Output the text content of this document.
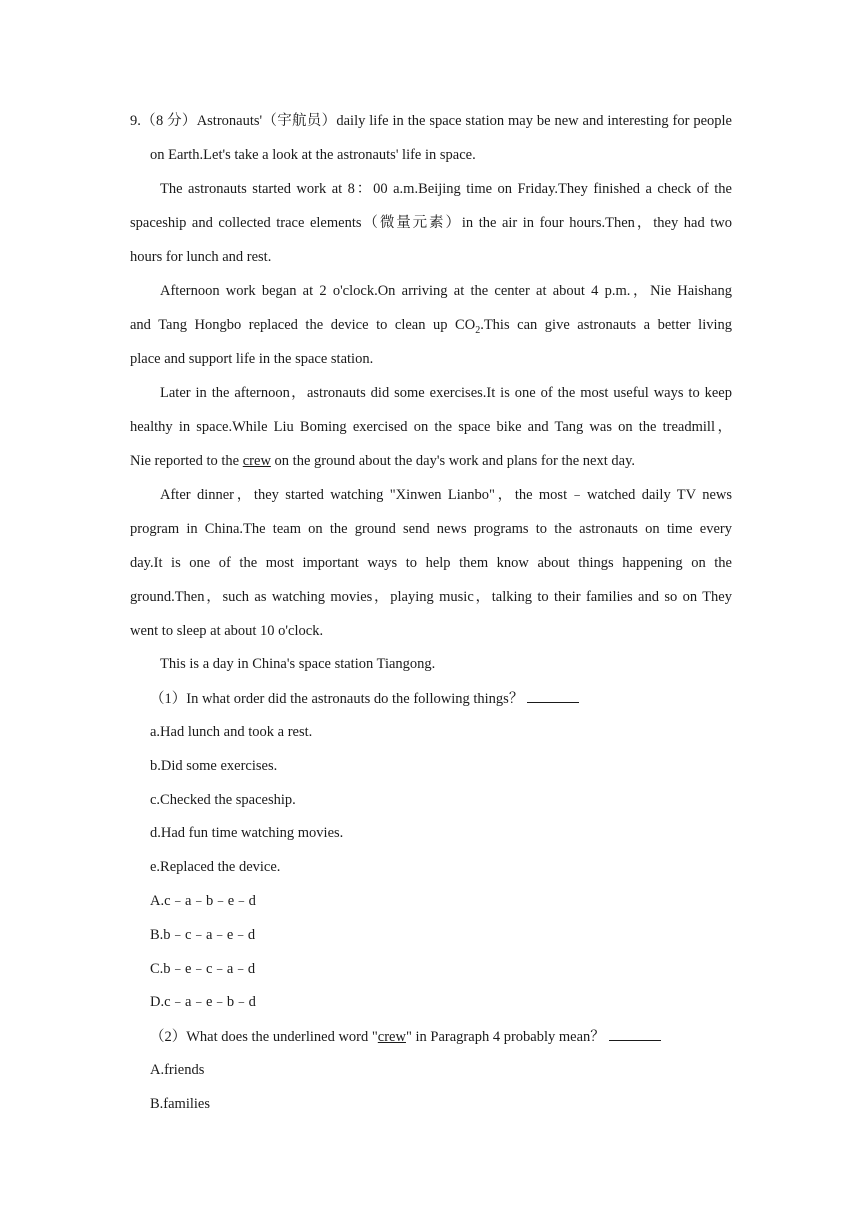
9.（8 分）Astronauts'（宇航员）daily life in the space station may be new and interesting for people
on Earth.Let's take a look at the astronauts' life in space.
The astronauts started work at 8：00 a.m.Beijing time on Friday.They finished a check of the
spaceship and collected trace elements（微量元素）in the air in four hours.Then，they had two
hours for lunch and rest.
Afternoon work began at 2 o'clock.On arriving at the center at about 4 p.m.，Nie Haishang
and Tang Hongbo replaced the device to clean up $CO_2.This$ can give astronauts a better living
place and support life in the space station.
Later in the afternoon，astronauts did some exercises.It is one of the most useful ways to keep
healthy in space.While Liu Boming exercised on the space bike and Tang was on the treadmill，
Nie reported to the crew on the ground about the day's work and plans for the next day.
After dinner，they started watching "Xinwen Lianbo"，the most﹣watched daily TV news
program in China.The team on the ground send news programs to the astronauts on time every
day.It is one of the most important ways to help them know about things happening on the
ground.Then，such as watching movies，playing music，talking to their families and so on They
went to sleep at about 10 o'clock.
This is a day in China's space station Tiangong.
（1）In what order did the astronauts do the following things？
a.Had lunch and took a rest.
b.Did some exercises.
c.Checked the spaceship.
d.Had fun time watching movies.
e.Replaced the device.
A.c﹣a﹣b﹣e﹣d
B.b﹣c﹣a﹣e﹣d
C.b﹣e﹣c﹣a﹣d
D.c﹣a﹣e﹣b﹣d
（2）What does the underlined word "crew" in Paragraph 4 probably mean？
A.friends
B.families
